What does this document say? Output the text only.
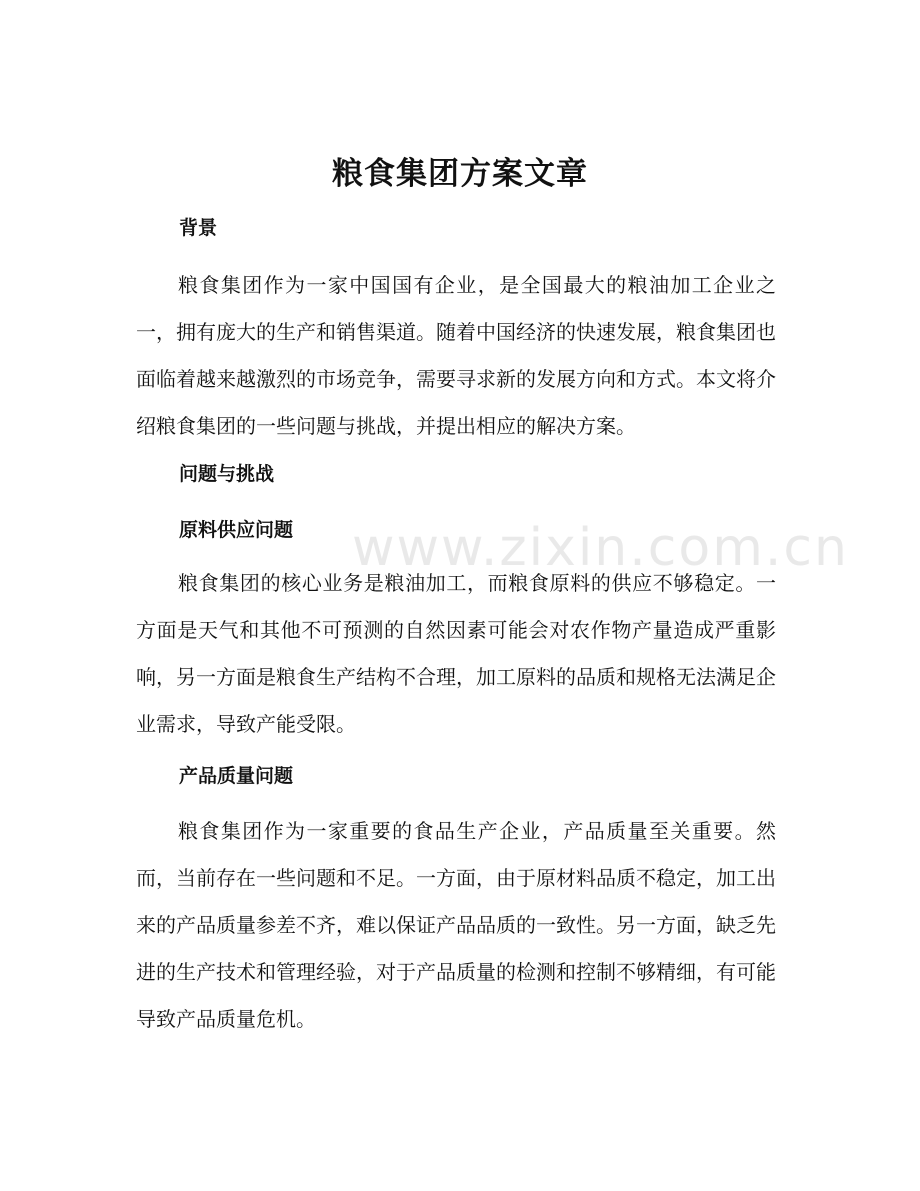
www.zixin.com.cn
粮食集团方案文章
背景

粮食集团作为一家中国国有企业，是全国最大的粮油加工企业之一，拥有庞大的生产和销售渠道。随着中国经济的快速发展，粮食集团也面临着越来越激烈的市场竞争，需要寻求新的发展方向和方式。本文将介绍粮食集团的一些问题与挑战，并提出相应的解决方案。

问题与挑战
原料供应问题

粮食集团的核心业务是粮油加工，而粮食原料的供应不够稳定。一方面是天气和其他不可预测的自然因素可能会对农作物产量造成严重影响，另一方面是粮食生产结构不合理，加工原料的品质和规格无法满足企业需求，导致产能受限。

产品质量问题

粮食集团作为一家重要的食品生产企业，产品质量至关重要。然而，当前存在一些问题和不足。一方面，由于原材料品质不稳定，加工出来的产品质量参差不齐，难以保证产品品质的一致性。另一方面，缺乏先进的生产技术和管理经验，对于产品质量的检测和控制不够精细，有可能导致产品质量危机。
